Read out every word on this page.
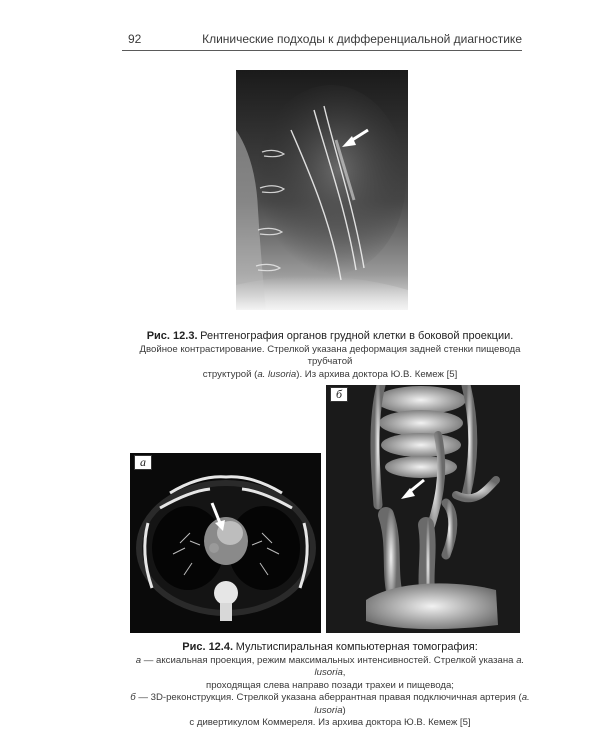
92	Клинические подходы к дифференциальной диагностике
Рис. 12.3. Рентгенография органов грудной клетки в боковой проекции.
Двойное контрастирование. Стрелкой указана деформация задней стенки пищевода трубчатой
структурой (a. lusoria). Из архива доктора Ю.В. Кемеж [5]
а
б
Рис. 12.4. Мультиспиральная компьютерная томография:
а — аксиальная проекция, режим максимальных интенсивностей. Стрелкой указана a. lusoria,
проходящая слева направо позади трахеи и пищевода;
б — 3D-реконструкция. Стрелкой указана аберрантная правая подключичная артерия (a. lusoria)
с дивертикулом Коммереля. Из архива доктора Ю.В. Кемеж [5]
